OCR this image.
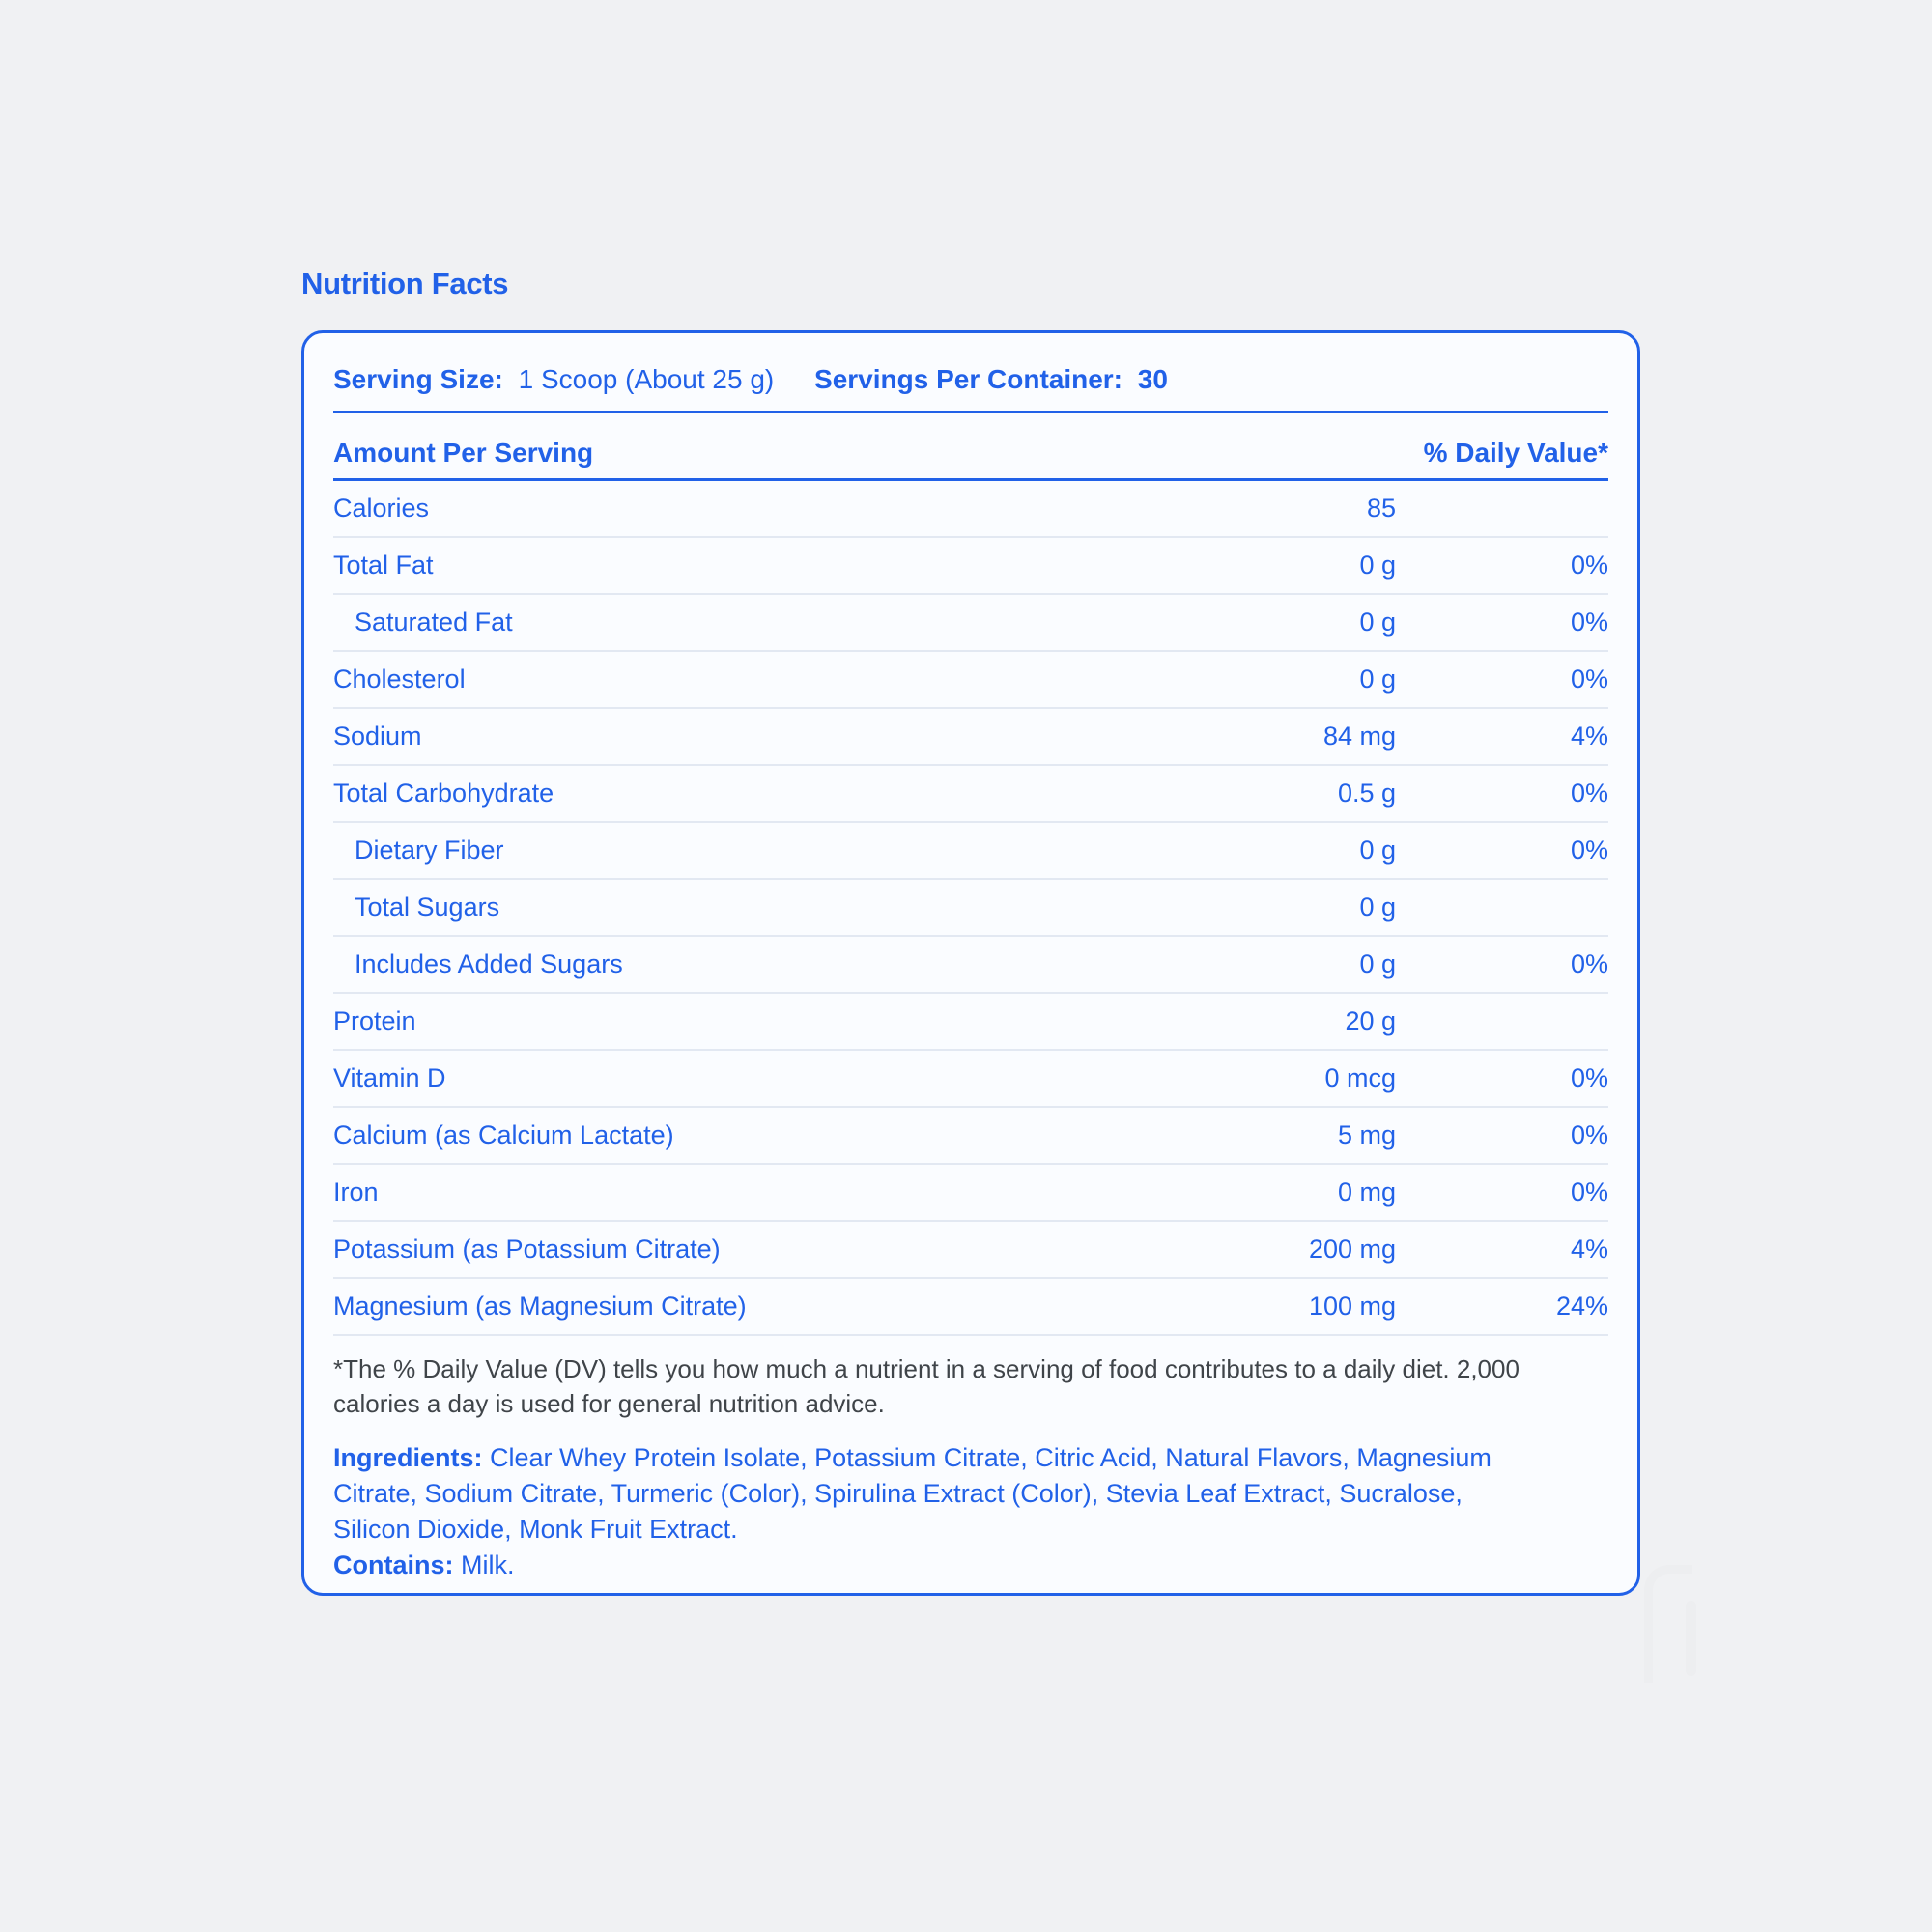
Nutrition Facts
Serving Size: 1 Scoop (About 25 g) Servings Per Container: 30
Amount Per Serving	% Daily Value*
Calories	85
Total Fat	0 g	0%
Saturated Fat	0 g	0%
Cholesterol	0 g	0%
Sodium	84 mg	4%
Total Carbohydrate	0.5 g	0%
Dietary Fiber	0 g	0%
Total Sugars	0 g
Includes Added Sugars	0 g	0%
Protein	20 g
Vitamin D	0 mcg	0%
Calcium (as Calcium Lactate)	5 mg	0%
Iron	0 mg	0%
Potassium (as Potassium Citrate)	200 mg	4%
Magnesium (as Magnesium Citrate)	100 mg	24%
*The % Daily Value (DV) tells you how much a nutrient in a serving of food contributes to a daily diet. 2,000 calories a day is used for general nutrition advice.
Ingredients: Clear Whey Protein Isolate, Potassium Citrate, Citric Acid, Natural Flavors, Magnesium Citrate, Sodium Citrate, Turmeric (Color), Spirulina Extract (Color), Stevia Leaf Extract, Sucralose, Silicon Dioxide, Monk Fruit Extract.
Contains: Milk.
